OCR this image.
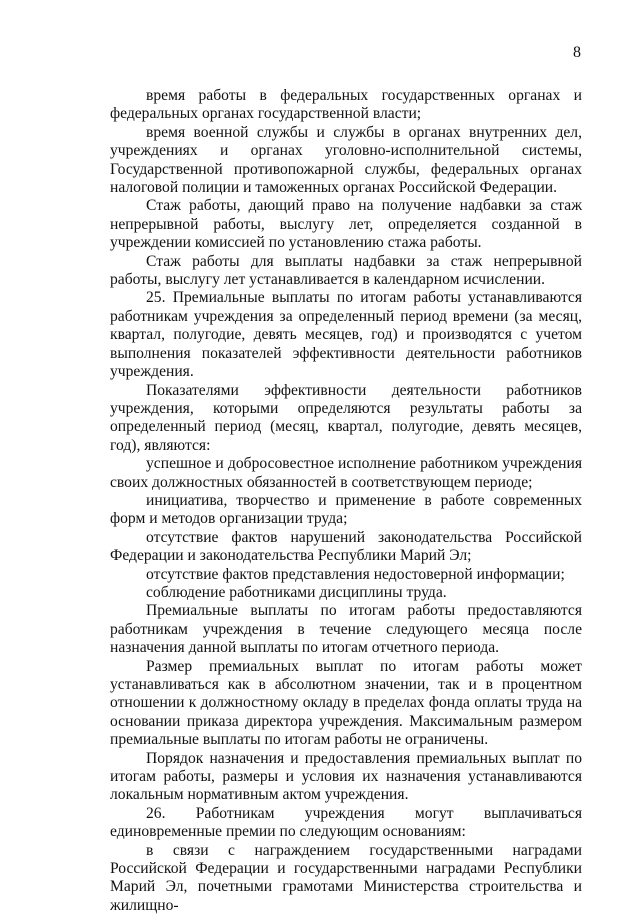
8

время работы в федеральных государственных органах и федеральных органах государственной власти;

время военной службы и службы в органах внутренних дел, учреждениях и органах уголовно-исполнительной системы, Государственной противопожарной службы, федеральных органах налоговой полиции и таможенных органах Российской Федерации.

Стаж работы, дающий право на получение надбавки за стаж непрерывной работы, выслугу лет, определяется созданной в учреждении комиссией по установлению стажа работы.

Стаж работы для выплаты надбавки за стаж непрерывной работы, выслугу лет устанавливается в календарном исчислении.

25. Премиальные выплаты по итогам работы устанавливаются работникам учреждения за определенный период времени (за месяц, квартал, полугодие, девять месяцев, год) и производятся с учетом выполнения показателей эффективности деятельности работников учреждения.

Показателями эффективности деятельности работников учреждения, которыми определяются результаты работы за определенный период (месяц, квартал, полугодие, девять месяцев, год), являются:

успешное и добросовестное исполнение работником учреждения своих должностных обязанностей в соответствующем периоде;

инициатива, творчество и применение в работе современных форм и методов организации труда;

отсутствие фактов нарушений законодательства Российской Федерации и законодательства Республики Марий Эл;

отсутствие фактов представления недостоверной информации;

соблюдение работниками дисциплины труда.

Премиальные выплаты по итогам работы предоставляются работникам учреждения в течение следующего месяца после назначения данной выплаты по итогам отчетного периода.

Размер премиальных выплат по итогам работы может устанавливаться как в абсолютном значении, так и в процентном отношении к должностному окладу в пределах фонда оплаты труда на основании приказа директора учреждения. Максимальным размером премиальные выплаты по итогам работы не ограничены.

Порядок назначения и предоставления премиальных выплат по итогам работы, размеры и условия их назначения устанавливаются локальным нормативным актом учреждения.

26. Работникам учреждения могут выплачиваться единовременные премии по следующим основаниям:

в связи с награждением государственными наградами Российской Федерации и государственными наградами Республики Марий Эл, почетными грамотами Министерства строительства и жилищно-
